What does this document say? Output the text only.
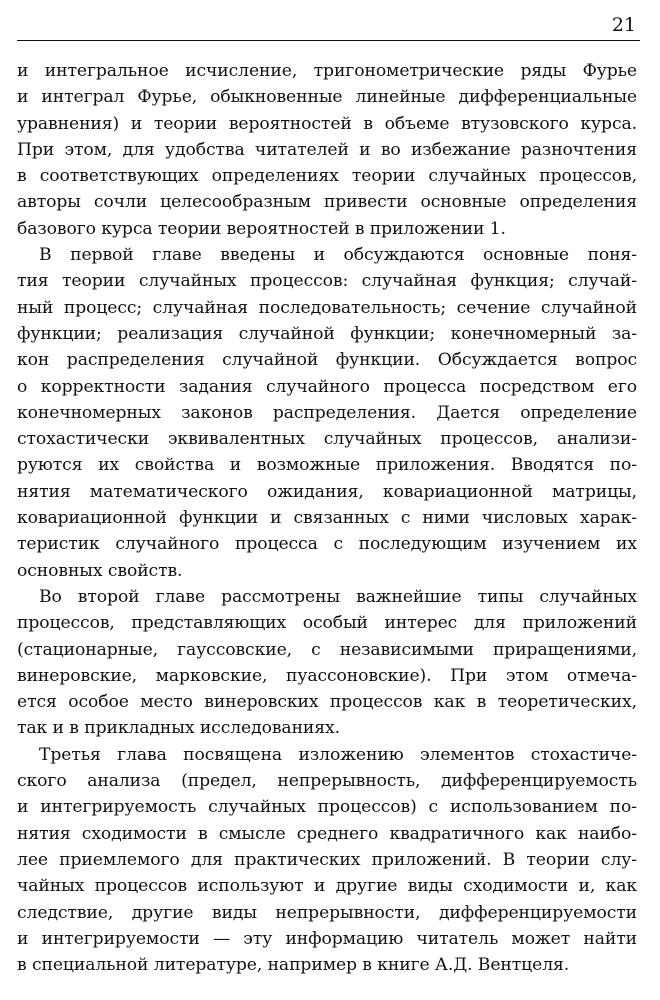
21
и интегральное исчисление, тригонометрические ряды Фурье
и интеграл Фурье, обыкновенные линейные дифференциальные
уравнения) и теории вероятностей в объеме втузовского курса.
При этом, для удобства читателей и во избежание разночтения
в соответствующих определениях теории случайных процессов,
авторы сочли целесообразным привести основные определения
базового курса теории вероятностей в приложении 1.
В первой главе введены и обсуждаются основные поня-
тия теории случайных процессов: случайная функция; случай-
ный процесс; случайная последовательность; сечение случайной
функции; реализация случайной функции; конечномерный за-
кон распределения случайной функции. Обсуждается вопрос
о корректности задания случайного процесса посредством его
конечномерных законов распределения. Дается определение
стохастически эквивалентных случайных процессов, анализи-
руются их свойства и возможные приложения. Вводятся по-
нятия математического ожидания, ковариационной матрицы,
ковариационной функции и связанных с ними числовых харак-
теристик случайного процесса с последующим изучением их
основных свойств.
Во второй главе рассмотрены важнейшие типы случайных
процессов, представляющих особый интерес для приложений
(стационарные, гауссовские, с независимыми приращениями,
винеровские, марковские, пуассоновские). При этом отмеча-
ется особое место винеровских процессов как в теоретических,
так и в прикладных исследованиях.
Третья глава посвящена изложению элементов стохастиче-
ского анализа (предел, непрерывность, дифференцируемость
и интегрируемость случайных процессов) с использованием по-
нятия сходимости в смысле среднего квадратичного как наибо-
лее приемлемого для практических приложений. В теории слу-
чайных процессов используют и другие виды сходимости и, как
следствие, другие виды непрерывности, дифференцируемости
и интегрируемости — эту информацию читатель может найти
в специальной литературе, например в книге А.Д. Вентцеля.
